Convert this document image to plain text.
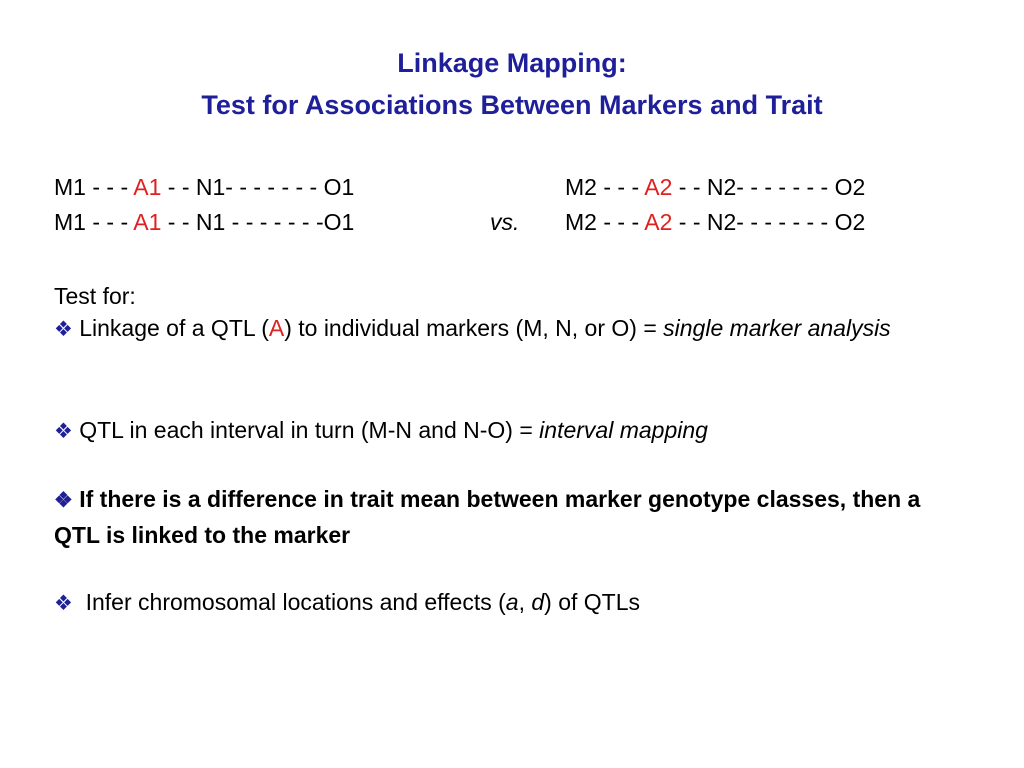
Linkage Mapping:
Test for Associations Between Markers and Trait
M1 - - - A1 - - N1- - - - - - - O1
M1 - - - A1 - - N1 - - - - - - -O1	vs.
M2 - - - A2 - - N2- - - - - - - O2
M2 - - - A2 - - N2- - - - - - - O2
Test for:
❖ Linkage of a QTL (A) to individual markers (M, N, or O) = single marker analysis
❖ QTL in each interval in turn (M-N and N-O) = interval mapping
❖ If there is a difference in trait mean between marker genotype classes, then a QTL is linked to the marker
❖ Infer chromosomal locations and effects (a, d) of QTLs
